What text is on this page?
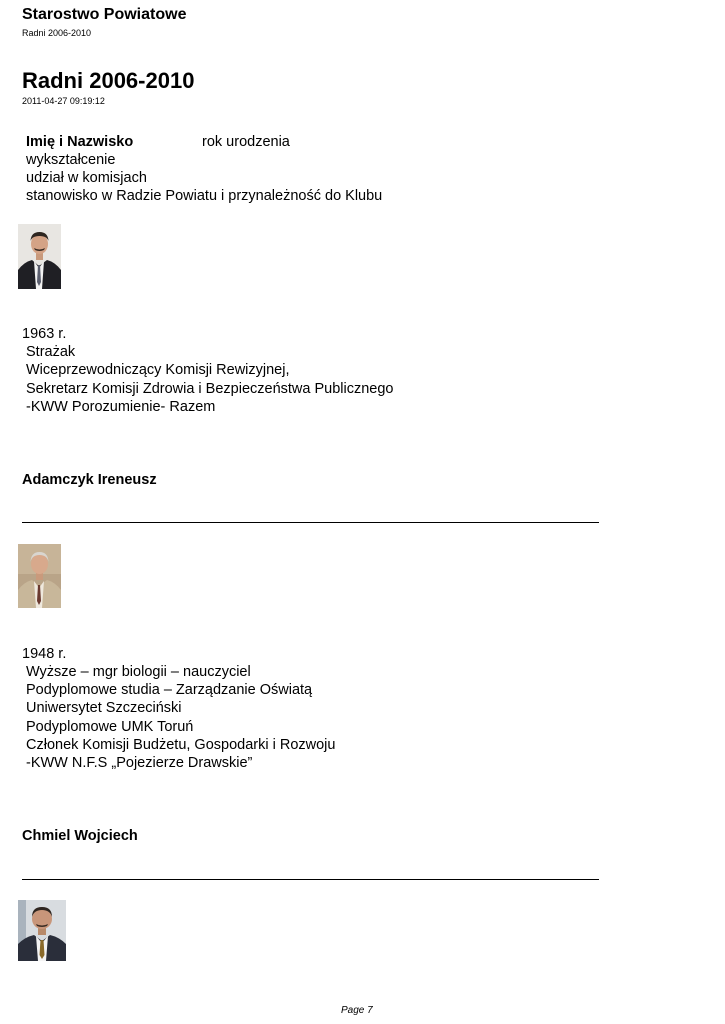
Starostwo Powiatowe
Radni 2006-2010
Radni 2006-2010
2011-04-27 09:19:12
Imię i Nazwisko	rok urodzenia
wykształcenie
udział w komisjach
stanowisko w Radzie Powiatu i przynależność do Klubu
1963 r.
Strażak
Wiceprzewodniczący Komisji Rewizyjnej,
Sekretarz Komisji Zdrowia i Bezpieczeństwa Publicznego
-KWW Porozumienie- Razem
Adamczyk Ireneusz
1948 r.
Wyższe – mgr biologii – nauczyciel
Podyplomowe studia – Zarządzanie Oświatą
Uniwersytet Szczeciński
Podyplomowe UMK Toruń
Członek Komisji Budżetu, Gospodarki i Rozwoju
-KWW N.F.S „Pojezierze Drawskie”
Chmiel Wojciech
Page 7
